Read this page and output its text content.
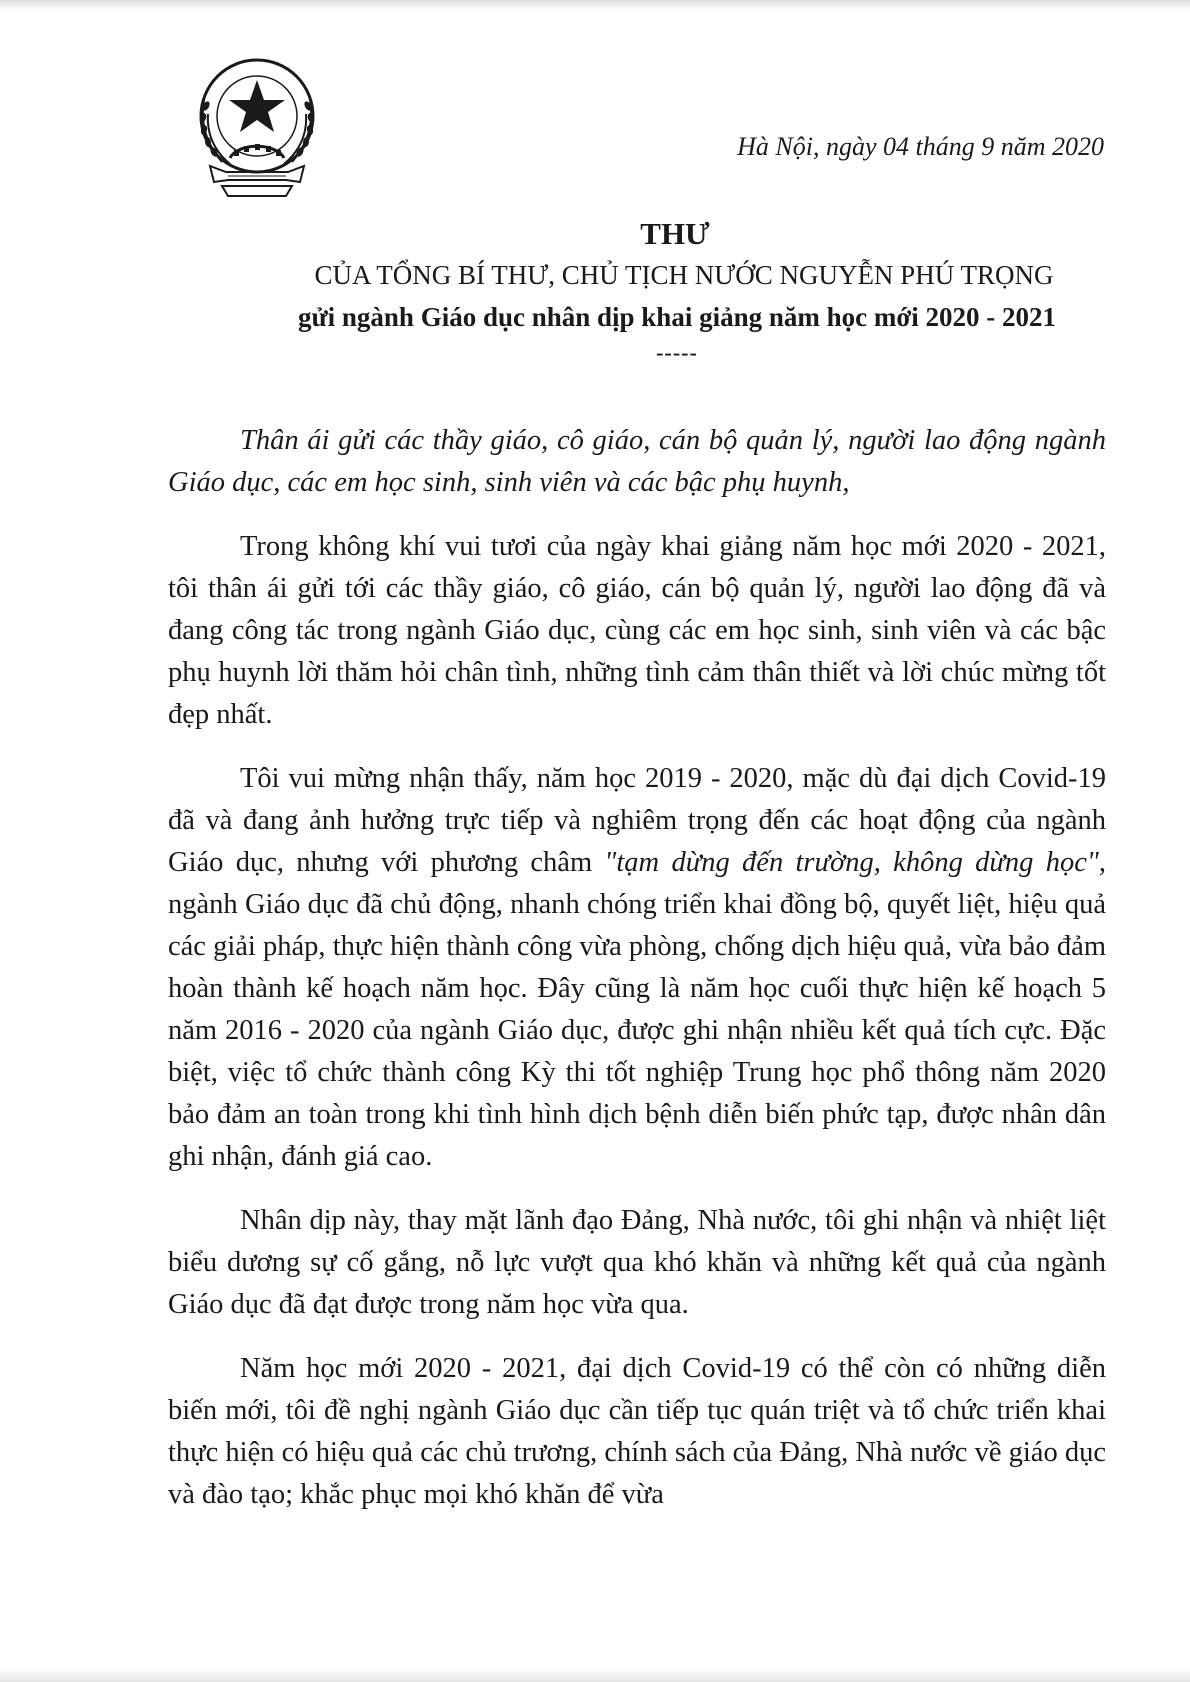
Hà Nội, ngày 04 tháng 9 năm 2020
THƯ
CỦA TỔNG BÍ THƯ, CHỦ TỊCH NƯỚC NGUYỄN PHÚ TRỌNG
gửi ngành Giáo dục nhân dịp khai giảng năm học mới 2020 - 2021
-----

Thân ái gửi các thầy giáo, cô giáo, cán bộ quản lý, người lao động ngành Giáo dục, các em học sinh, sinh viên và các bậc phụ huynh,

Trong không khí vui tươi của ngày khai giảng năm học mới 2020 - 2021, tôi thân ái gửi tới các thầy giáo, cô giáo, cán bộ quản lý, người lao động đã và đang công tác trong ngành Giáo dục, cùng các em học sinh, sinh viên và các bậc phụ huynh lời thăm hỏi chân tình, những tình cảm thân thiết và lời chúc mừng tốt đẹp nhất.

Tôi vui mừng nhận thấy, năm học 2019 - 2020, mặc dù đại dịch Covid-19 đã và đang ảnh hưởng trực tiếp và nghiêm trọng đến các hoạt động của ngành Giáo dục, nhưng với phương châm "tạm dừng đến trường, không dừng học", ngành Giáo dục đã chủ động, nhanh chóng triển khai đồng bộ, quyết liệt, hiệu quả các giải pháp, thực hiện thành công vừa phòng, chống dịch hiệu quả, vừa bảo đảm hoàn thành kế hoạch năm học. Đây cũng là năm học cuối thực hiện kế hoạch 5 năm 2016 - 2020 của ngành Giáo dục, được ghi nhận nhiều kết quả tích cực. Đặc biệt, việc tổ chức thành công Kỳ thi tốt nghiệp Trung học phổ thông năm 2020 bảo đảm an toàn trong khi tình hình dịch bệnh diễn biến phức tạp, được nhân dân ghi nhận, đánh giá cao.

Nhân dịp này, thay mặt lãnh đạo Đảng, Nhà nước, tôi ghi nhận và nhiệt liệt biểu dương sự cố gắng, nỗ lực vượt qua khó khăn và những kết quả của ngành Giáo dục đã đạt được trong năm học vừa qua.

Năm học mới 2020 - 2021, đại dịch Covid-19 có thể còn có những diễn biến mới, tôi đề nghị ngành Giáo dục cần tiếp tục quán triệt và tổ chức triển khai thực hiện có hiệu quả các chủ trương, chính sách của Đảng, Nhà nước về giáo dục và đào tạo; khắc phục mọi khó khăn để vừa
